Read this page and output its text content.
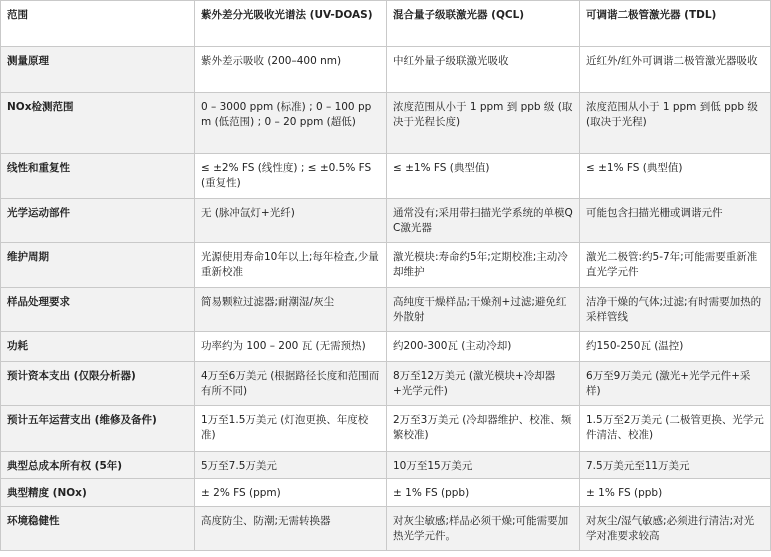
范围	紫外差分光吸收光谱法 (UV-DOAS)	混合量子级联激光器 (QCL)	可调谐二极管激光器 (TDL)
测量原理	紫外差示吸收 (200–400 nm)	中红外量子级联激光吸收	近红外/红外可调谐二极管激光器吸收
NOx检测范围	0 – 3000 ppm (标准) ; 0 – 100 ppm (低范围) ; 0 – 20 ppm (超低)	浓度范围从小于 1 ppm 到 ppb 级 (取决于光程长度)	浓度范围从小于 1 ppm 到低 ppb 级 (取决于光程)
线性和重复性	≤ ±2% FS (线性度) ; ≤ ±0.5% FS (重复性)	≤ ±1% FS (典型值)	≤ ±1% FS (典型值)
光学运动部件	无 (脉冲氙灯+光纤)	通常没有;采用带扫描光学系统的单模QC激光器	可能包含扫描光栅或调谐元件
维护周期	光源使用寿命10年以上;每年检查,少量重新校准	激光模块:寿命约5年;定期校准;主动冷却维护	激光二极管:约5-7年;可能需要重新准直光学元件
样品处理要求	简易颗粒过滤器;耐潮湿/灰尘	高纯度干燥样品;干燥剂+过滤;避免红外散射	洁净干燥的气体;过滤;有时需要加热的采样管线
功耗	功率约为 100 – 200 瓦 (无需预热)	约200-300瓦 (主动冷却)	约150-250瓦 (温控)
预计资本支出 (仅限分析器)	4万至6万美元 (根据路径长度和范围而有所不同)	8万至12万美元 (激光模块+冷却器+光学元件)	6万至9万美元 (激光+光学元件+采样)
预计五年运营支出 (维修及备件)	1万至1.5万美元 (灯泡更换、年度校准)	2万至3万美元 (冷却器维护、校准、频繁校准)	1.5万至2万美元 (二极管更换、光学元件清洁、校准)
典型总成本所有权 (5年)	5万至7.5万美元	10万至15万美元	7.5万美元至11万美元
典型精度 (NOx)	± 2% FS (ppm)	± 1% FS (ppb)	± 1% FS (ppb)
环境稳健性	高度防尘、防潮;无需转换器	对灰尘敏感;样品必须干燥;可能需要加热光学元件。	对灰尘/湿气敏感;必须进行清洁;对光学对准要求较高
